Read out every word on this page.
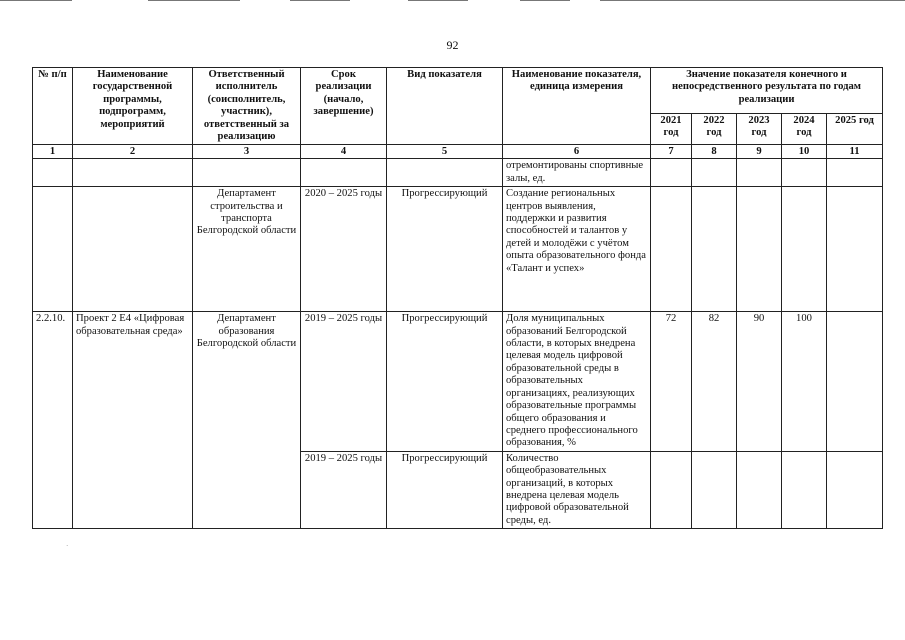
92
№ п/п	Наименование государственной программы, подпрограмм, мероприятий	Ответственный исполнитель (соисполнитель, участник), ответственный за реализацию	Срок реализации (начало, завершение)	Вид показателя	Наименование показателя, единица измерения	Значение показателя конечного и непосредственного результата по годам реализации				
						2021 год	2022 год	2023 год	2024 год	2025 год
1	2	3	4	5	6	7	8	9	10	11
					отремонтированы спортивные залы, ед.					
		Департамент строительства и транспорта Белгородской области	2020 – 2025 годы	Прогрессирующий	Создание региональных центров выявления, поддержки и развития способностей и талантов у детей и молодёжи с учётом опыта образовательного фонда «Талант и успех»					
2.2.10.	Проект 2 Е4 «Цифровая образовательная среда»	Департамент образования Белгородской области	2019 – 2025 годы	Прогрессирующий	Доля муниципальных образований Белгородской области, в которых внедрена целевая модель цифровой образовательной среды в образовательных организациях, реализующих образовательные программы общего образования и среднего профессионального образования, %	72	82	90	100	
			2019 – 2025 годы	Прогрессирующий	Количество общеобразовательных организаций, в которых внедрена целевая модель цифровой образовательной среды, ед.					
·
